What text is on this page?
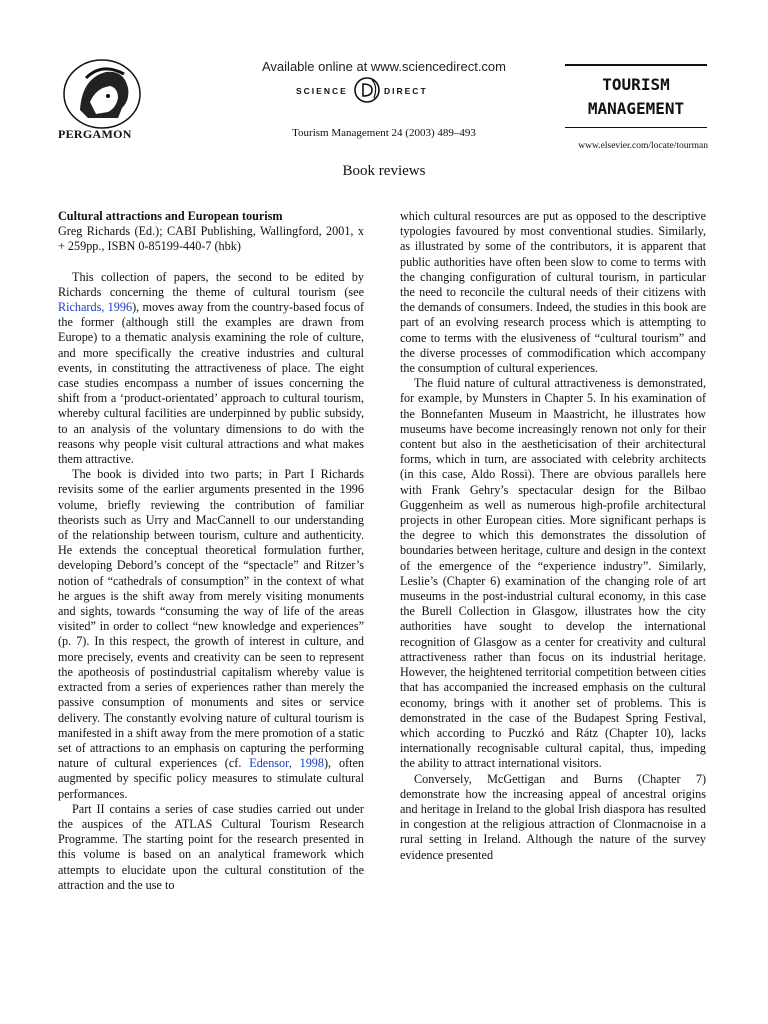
PERGAMON
Available online at www.sciencedirect.com
SCIENCE	DIRECT
Tourism Management 24 (2003) 489–493
TOURISM
MANAGEMENT
www.elsevier.com/locate/tourman
Book reviews

Cultural attractions and European tourism

Greg Richards (Ed.); CABI Publishing, Wallingford, 2001, x + 259pp., ISBN 0-85199-440-7 (hbk)

This collection of papers, the second to be edited by Richards concerning the theme of cultural tourism (see Richards, 1996), moves away from the country-based focus of the former (although still the examples are drawn from Europe) to a thematic analysis examining the role of culture, and more specifically the creative industries and cultural events, in constituting the attractiveness of place. The eight case studies encompass a number of issues concerning the shift from a ‘product-orientated’ approach to cultural tourism, whereby cultural facilities are underpinned by public subsidy, to an analysis of the voluntary dimensions to do with the reasons why people visit cultural attractions and what makes them attractive.

The book is divided into two parts; in Part I Richards revisits some of the earlier arguments presented in the 1996 volume, briefly reviewing the contribution of familiar theorists such as Urry and MacCannell to our understanding of the relationship between tourism, culture and authenticity. He extends the conceptual theoretical formulation further, developing Debord’s concept of the “spectacle” and Ritzer’s notion of “cathedrals of consumption” in the context of what he argues is the shift away from merely visiting monuments and sights, towards “consuming the way of life of the areas visited” in order to collect “new knowledge and experiences” (p. 7). In this respect, the growth of interest in culture, and more precisely, events and creativity can be seen to represent the apotheosis of postindustrial capitalism whereby value is extracted from a series of experiences rather than merely the passive consumption of monuments and sites or service delivery. The constantly evolving nature of cultural tourism is manifested in a shift away from the mere promotion of a static set of attractions to an emphasis on capturing the performing nature of cultural experiences (cf. Edensor, 1998), often augmented by specific policy measures to stimulate cultural performances.

Part II contains a series of case studies carried out under the auspices of the ATLAS Cultural Tourism Research Programme. The starting point for the research presented in this volume is based on an analytical framework which attempts to elucidate upon the cultural constitution of the attraction and the use to

which cultural resources are put as opposed to the descriptive typologies favoured by most conventional studies. Similarly, as illustrated by some of the contributors, it is apparent that public authorities have often been slow to come to terms with the changing configuration of cultural tourism, in particular the need to reconcile the cultural needs of their citizens with the demands of consumers. Indeed, the studies in this book are part of an evolving research process which is attempting to come to terms with the elusiveness of “cultural tourism” and the diverse processes of commodification which accompany the consumption of cultural experiences.

The fluid nature of cultural attractiveness is demonstrated, for example, by Munsters in Chapter 5. In his examination of the Bonnefanten Museum in Maastricht, he illustrates how museums have become increasingly renown not only for their content but also in the aestheticisation of their architectural forms, which in turn, are associated with celebrity architects (in this case, Aldo Rossi). There are obvious parallels here with Frank Gehry’s spectacular design for the Bilbao Guggenheim as well as numerous high-profile architectural projects in other European cities. More significant perhaps is the degree to which this demonstrates the dissolution of boundaries between heritage, culture and design in the context of the emergence of the “experience industry”. Similarly, Leslie’s (Chapter 6) examination of the changing role of art museums in the post-industrial cultural economy, in this case the Burell Collection in Glasgow, illustrates how the city authorities have sought to develop the international recognition of Glasgow as a center for creativity and cultural attractiveness rather than focus on its industrial heritage. However, the heightened territorial competition between cities that has accompanied the increased emphasis on the cultural economy, brings with it another set of problems. This is demonstrated in the case of the Budapest Spring Festival, which according to Puczkó and Rátz (Chapter 10), lacks internationally recognisable cultural capital, thus, impeding the ability to attract international visitors.

Conversely, McGettigan and Burns (Chapter 7) demonstrate how the increasing appeal of ancestral origins and heritage in Ireland to the global Irish diaspora has resulted in congestion at the religious attraction of Clonmacnoise in a rural setting in Ireland. Although the nature of the survey evidence presented
